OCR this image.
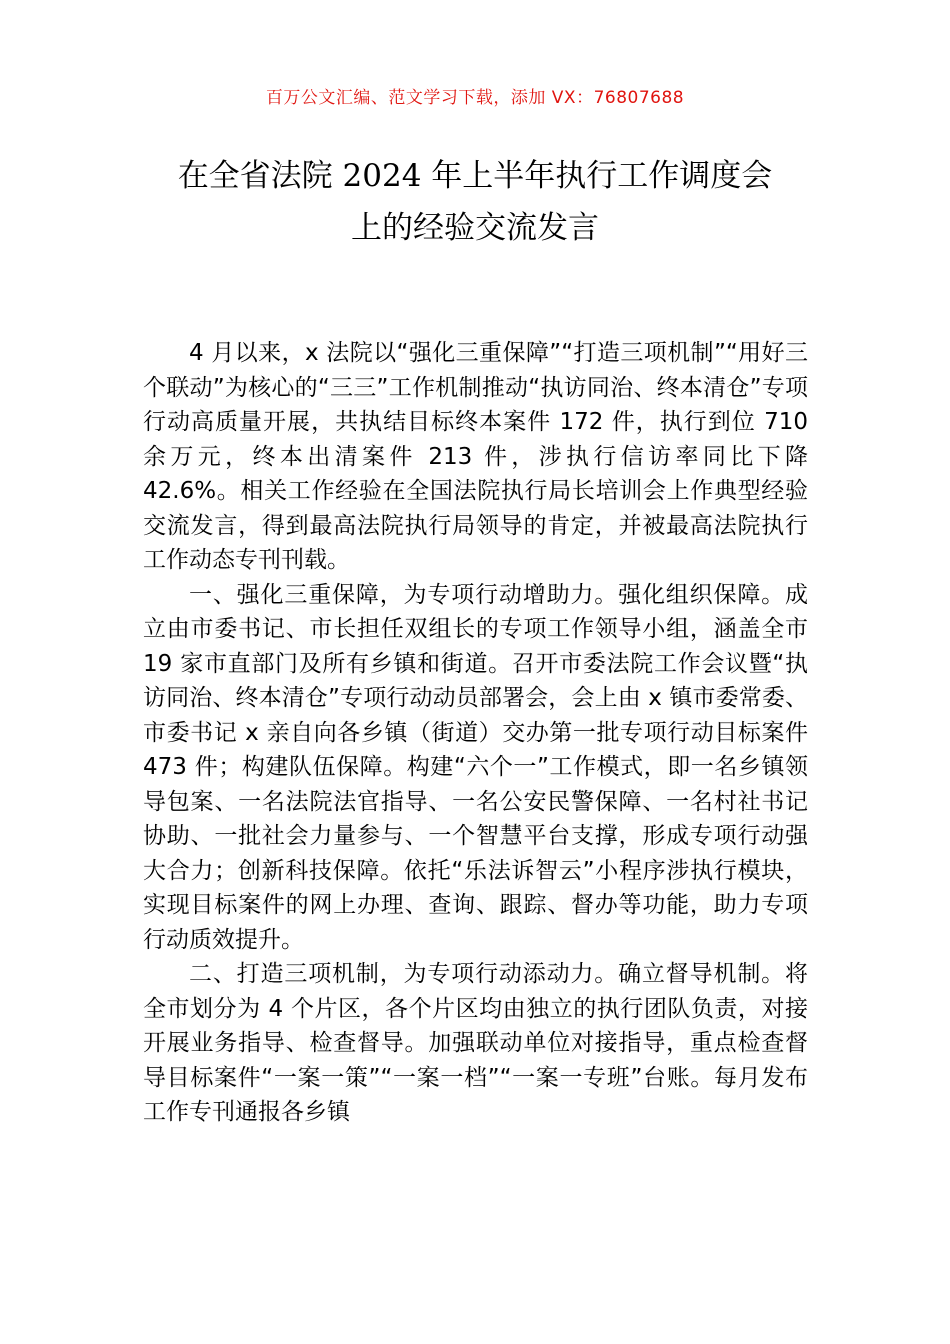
百万公文汇编、范文学习下载，添加 VX：76807688
在全省法院 2024 年上半年执行工作调度会
上的经验交流发言

4 月以来，x 法院以“强化三重保障”“打造三项机制”“用好三个联动”为核心的“三三”工作机制推动“执访同治、终本清仓”专项行动高质量开展，共执结目标终本案件 172 件，执行到位 710 余万元，终本出清案件 213 件，涉执行信访率同比下降 42.6%。相关工作经验在全国法院执行局长培训会上作典型经验交流发言，得到最高法院执行局领导的肯定，并被最高法院执行工作动态专刊刊载。

一、强化三重保障，为专项行动增助力。强化组织保障。成立由市委书记、市长担任双组长的专项工作领导小组，涵盖全市 19 家市直部门及所有乡镇和街道。召开市委法院工作会议暨“执访同治、终本清仓”专项行动动员部署会，会上由 x 镇市委常委、市委书记 x 亲自向各乡镇（街道）交办第一批专项行动目标案件 473 件；构建队伍保障。构建“六个一”工作模式，即一名乡镇领导包案、一名法院法官指导、一名公安民警保障、一名村社书记协助、一批社会力量参与、一个智慧平台支撑，形成专项行动强大合力；创新科技保障。依托“乐法诉智云”小程序涉执行模块，实现目标案件的网上办理、查询、跟踪、督办等功能，助力专项行动质效提升。

二、打造三项机制，为专项行动添动力。确立督导机制。将全市划分为 4 个片区，各个片区均由独立的执行团队负责，对接开展业务指导、检查督导。加强联动单位对接指导，重点检查督导目标案件“一案一策”“一案一档”“一案一专班”台账。每月发布工作专刊通报各乡镇
